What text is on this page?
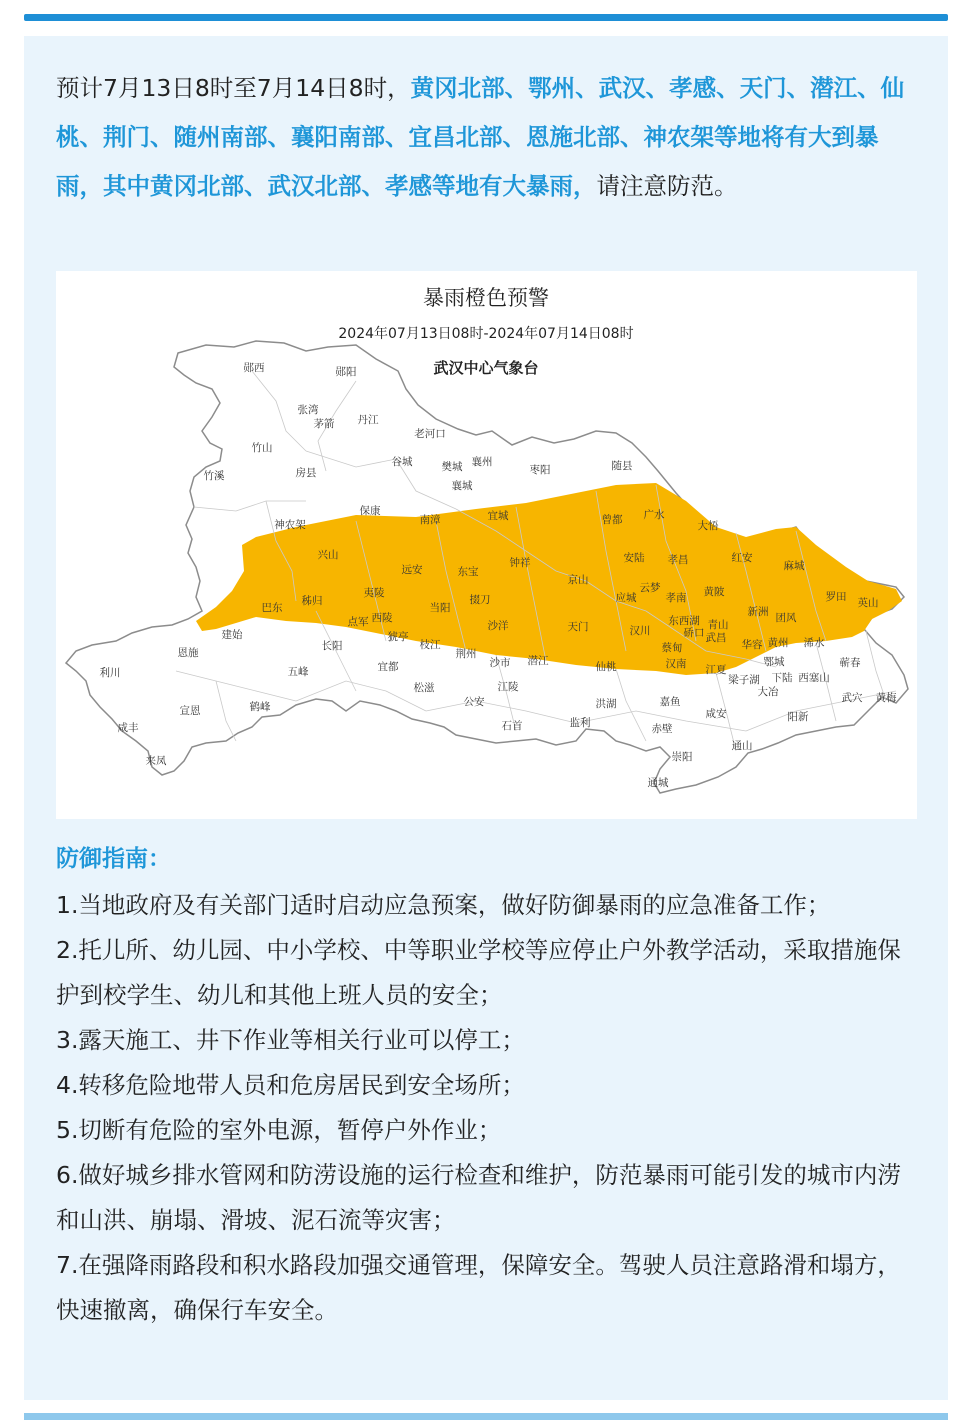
预计7月13日8时至7月14日8时，黄冈北部、鄂州、武汉、孝感、天门、潜江、仙桃、荆门、随州南部、襄阳南部、宜昌北部、恩施北部、神农架等地将有大到暴雨，其中黄冈北部、武汉北部、孝感等地有大暴雨，请注意防范。
郧西	郧阳
张湾
茅箭 丹江
老河口
竹山
谷城	樊城 襄州
枣阳	随县
竹溪	房县
襄城
保康
南漳	宜城	曾都 广水
大悟
神农架
兴山
远安	东宝
钟祥
京山
安陆 孝昌	红安
麻城
秭归
夷陵
当阳
掇刀
云梦
孝南 黄陂
巴东
点军 西陵
猇亭
沙洋	天门
应城
汉川
东西湖
新洲
罗田 英山
建始
长阳	枝江
荆州
潜江	仙桃
蔡甸
硚口
青山
武昌
团风
华容 黄州 浠水
恩施
五峰	宜都	沙市	汉南 江夏
鄂城	蕲春
利川
松滋	江陵
梁子湖 下陆 西塞山
大冶
鹤峰
宣恩
公安
石首	监利
洪湖	嘉鱼
咸安	阳新
武穴 黄梅
咸丰	赤壁
通山
来凤	崇阳
通城
暴雨橙色预警
2024年07月13日08时-2024年07月14日08时
武汉中心气象台
防御指南：
1.当地政府及有关部门适时启动应急预案，做好防御暴雨的应急准备工作；
2.托儿所、幼儿园、中小学校、中等职业学校等应停止户外教学活动，采取措施保护到校学生、幼儿和其他上班人员的安全；
3.露天施工、井下作业等相关行业可以停工；
4.转移危险地带人员和危房居民到安全场所；
5.切断有危险的室外电源，暂停户外作业；
6.做好城乡排水管网和防涝设施的运行检查和维护，防范暴雨可能引发的城市内涝和山洪、崩塌、滑坡、泥石流等灾害；
7.在强降雨路段和积水路段加强交通管理，保障安全。驾驶人员注意路滑和塌方，快速撤离，确保行车安全。
